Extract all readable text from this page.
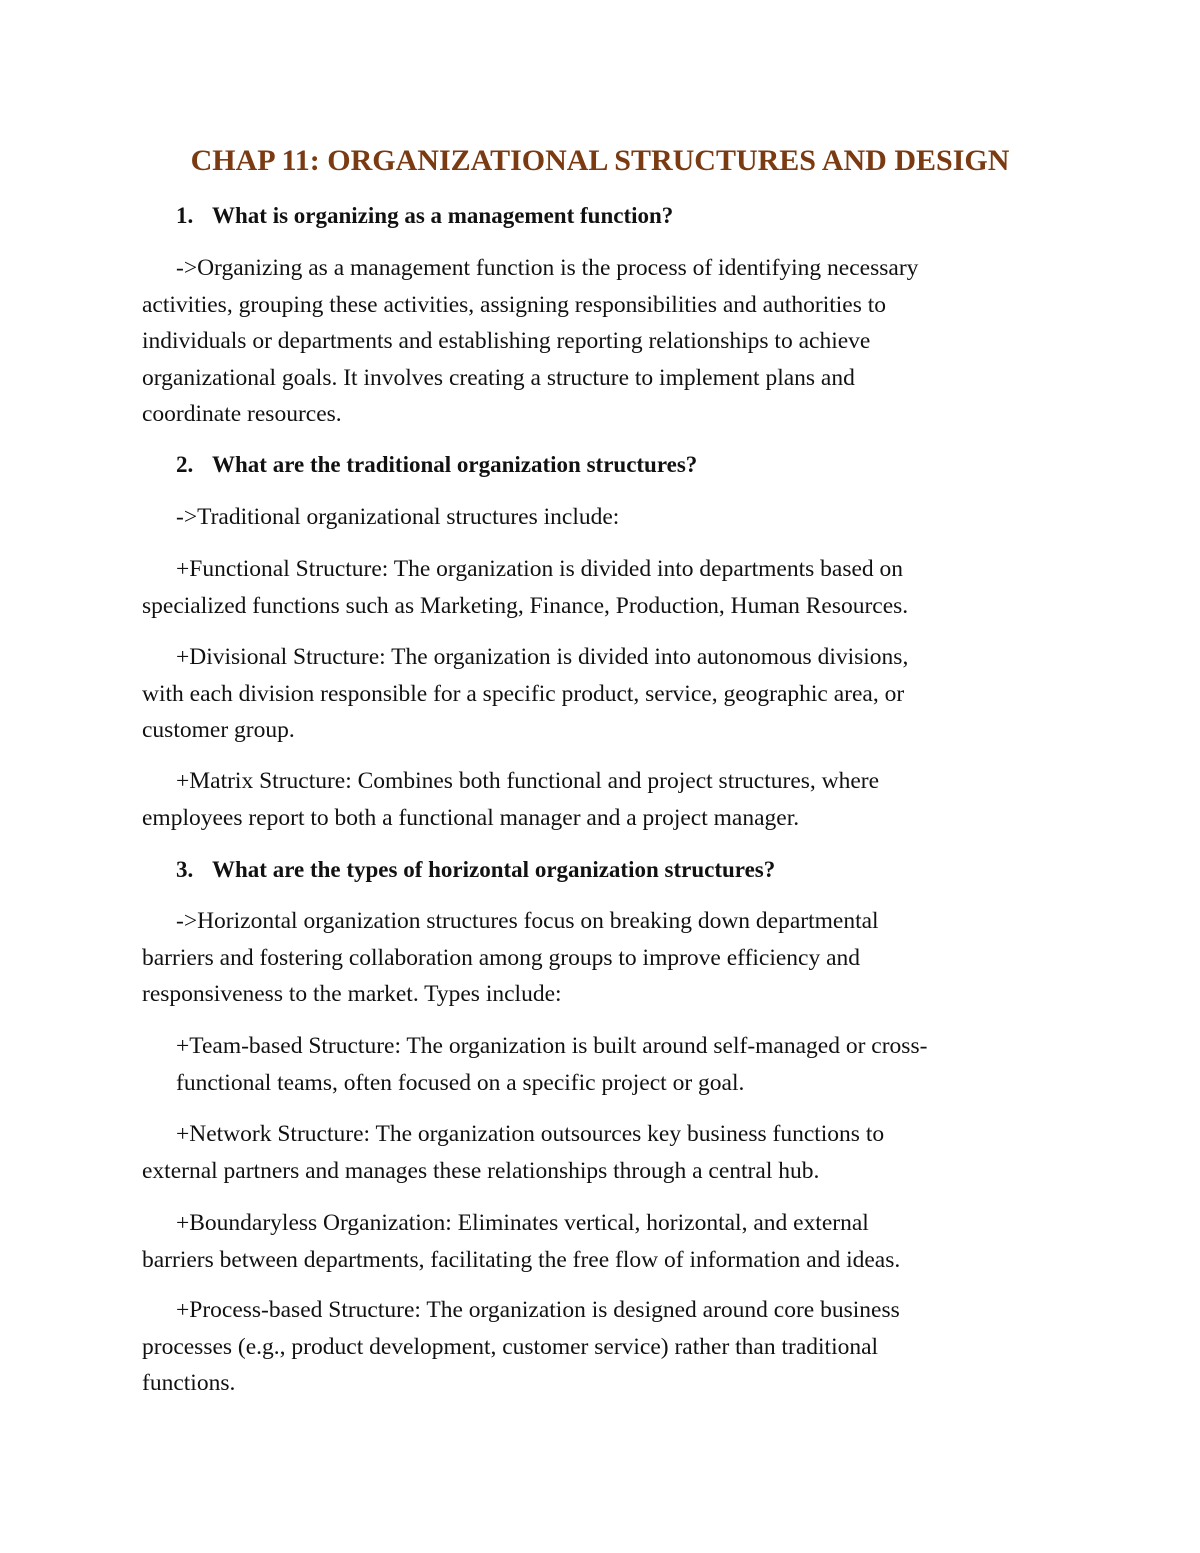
CHAP 11: ORGANIZATIONAL STRUCTURES AND DESIGN
1. What is organizing as a management function?
->Organizing as a management function is the process of identifying necessary
activities, grouping these activities, assigning responsibilities and authorities to
individuals or departments and establishing reporting relationships to achieve
organizational goals. It involves creating a structure to implement plans and
coordinate resources.
2. What are the traditional organization structures?
->Traditional organizational structures include:
+Functional Structure: The organization is divided into departments based on
specialized functions such as Marketing, Finance, Production, Human Resources.
+Divisional Structure: The organization is divided into autonomous divisions,
with each division responsible for a specific product, service, geographic area, or
customer group.
+Matrix Structure: Combines both functional and project structures, where
employees report to both a functional manager and a project manager.
3. What are the types of horizontal organization structures?
->Horizontal organization structures focus on breaking down departmental
barriers and fostering collaboration among groups to improve efficiency and
responsiveness to the market. Types include:
+Team-based Structure: The organization is built around self-managed or cross-
functional teams, often focused on a specific project or goal.
+Network Structure: The organization outsources key business functions to
external partners and manages these relationships through a central hub.
+Boundaryless Organization: Eliminates vertical, horizontal, and external
barriers between departments, facilitating the free flow of information and ideas.
+Process-based Structure: The organization is designed around core business
processes (e.g., product development, customer service) rather than traditional
functions.
